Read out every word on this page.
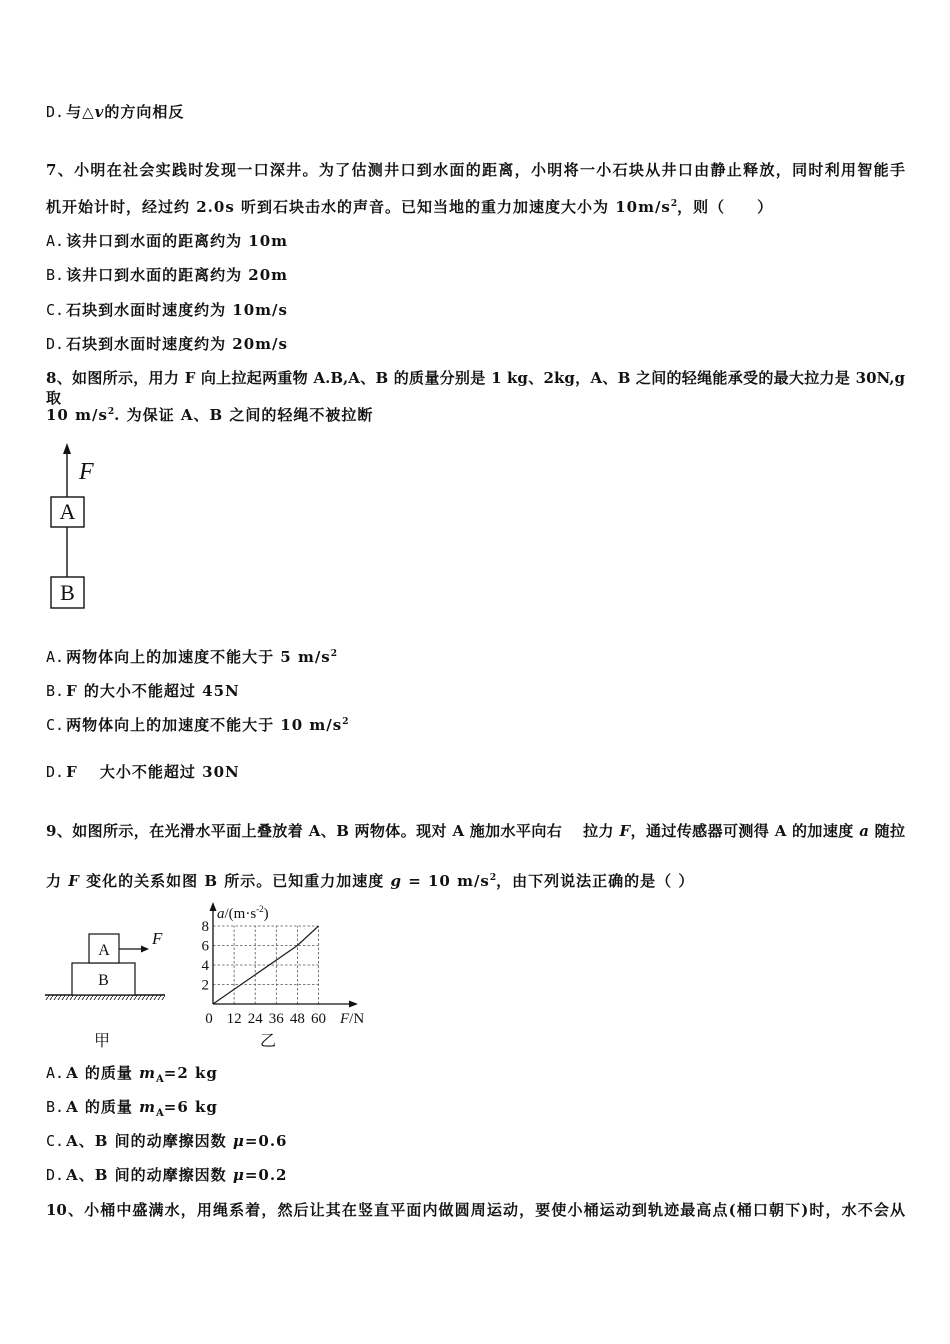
D. 与△v的方向相反
7、小明在社会实践时发现一口深井。为了估测井口到水面的距离，小明将一小石块从井口由静止释放，同时利用智能手
机开始计时，经过约 2.0s 听到石块击水的声音。已知当地的重力加速度大小为 $10m/s^2$，则（　　）
A. 该井口到水面的距离约为 10m
B. 该井口到水面的距离约为 20m
C. 石块到水面时速度约为 10m/s
D. 石块到水面时速度约为 20m/s
8、如图所示，用力 F 向上拉起两重物 A.B,A、B 的质量分别是 1 kg、2kg，A、B 之间的轻绳能承受的最大拉力是 30N,g 取
10 $m/s^2$. 为保证 A、B 之间的轻绳不被拉断
F
A
B
A. 两物体向上的加速度不能大于 5 $m/s^2$
B. F 的大小不能超过 45N
C. 两物体向上的加速度不能大于 10 $m/s^2$
D. F　 大小不能超过 30N
9、如图所示，在光滑水平面上叠放着 A、B 两物体。现对 A 施加水平向右　 拉力 F，通过传感器可测得 A 的加速度 a 随拉
力 F 变化的关系如图 B 所示。已知重力加速度 g = 10 $m/s^2$，由下列说法正确的是（ ）
B
A
F
甲
0 12 24 36 48 60
2
4
6
8
$a/(m\cdot s^{-2})$
F/N
乙
A. A 的质量 $m_A=2$ kg
B. A 的质量 $m_A=6$ kg
C. A、B 间的动摩擦因数 μ=0.6
D. A、B 间的动摩擦因数 μ=0.2
10、小桶中盛满水，用绳系着，然后让其在竖直平面内做圆周运动，要使小桶运动到轨迹最高点(桶口朝下)时，水不会从
